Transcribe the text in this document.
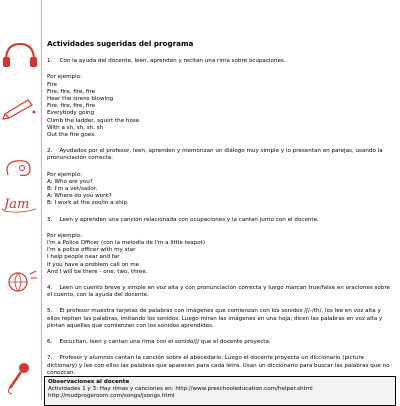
Jam
Actividades sugeridas del programa
1. Con la ayuda del docente, leen, aprenden y recitan una rima sobre ocupaciones.
Por ejemplo:
Fire
Fire, fire, fire, fire
Hear the sirens blowing
Fire, fire, fire, fire
Everybody going
Climb the ladder, squirt the hose
With a sh, sh, sh, sh
Out the fire goes.
2. Ayudados por el profesor, leen, aprenden y memorizan un diálogo muy simple y lo presentan en parejas, usando la pronunciación correcta.
Por ejemplo:
A: Who are you?
B: I'm a vet/sailor.
A: Where do you work?
B: I work at the zoo/in a ship.
3. Leen y aprenden una canción relacionada con ocupaciones y la cantan junto con el docente.
Por ejemplo:
I'm a Police Officer (con la melodía de I'm a little teapot)
I'm a police officer with my star
I help people near and far
If you have a problem call on me
And I will be there - one, two, three.
4. Leen un cuento breve y simple en voz alta y con pronunciación correcta y luego marcan true/false en oraciones sobre el cuento, con la ayuda del docente.
5. El profesor muestra tarjetas de palabras con imágenes que comienzan con los sonidos /ʃ/-/th/, los lee en voz alta y ellos repiten las palabras, imitando los sonidos. Luego miran las imágenes en una hoja, dicen las palabras en voz alta y pintan aquellas que comienzan con los sonidos aprendidos.
6. Escuchan, leen y cantan una rima con el sonido/ʃ/ que el docente proyecta.
7. Profesor y alumnos cantan la canción sobre el abecedario. Luego el docente proyecta un diccionario (picture dictionary) y lee con ellos las palabras que aparecen para cada letra. Usan un diccionario para buscar las palabras que no conozcan.
Observaciones al docente
Actividades 1 y 3: Hay rimas y canciones en: http://www.preschooleducation.com/helper.shtml http://mudprogeroom.com/songs/jsongs.html
